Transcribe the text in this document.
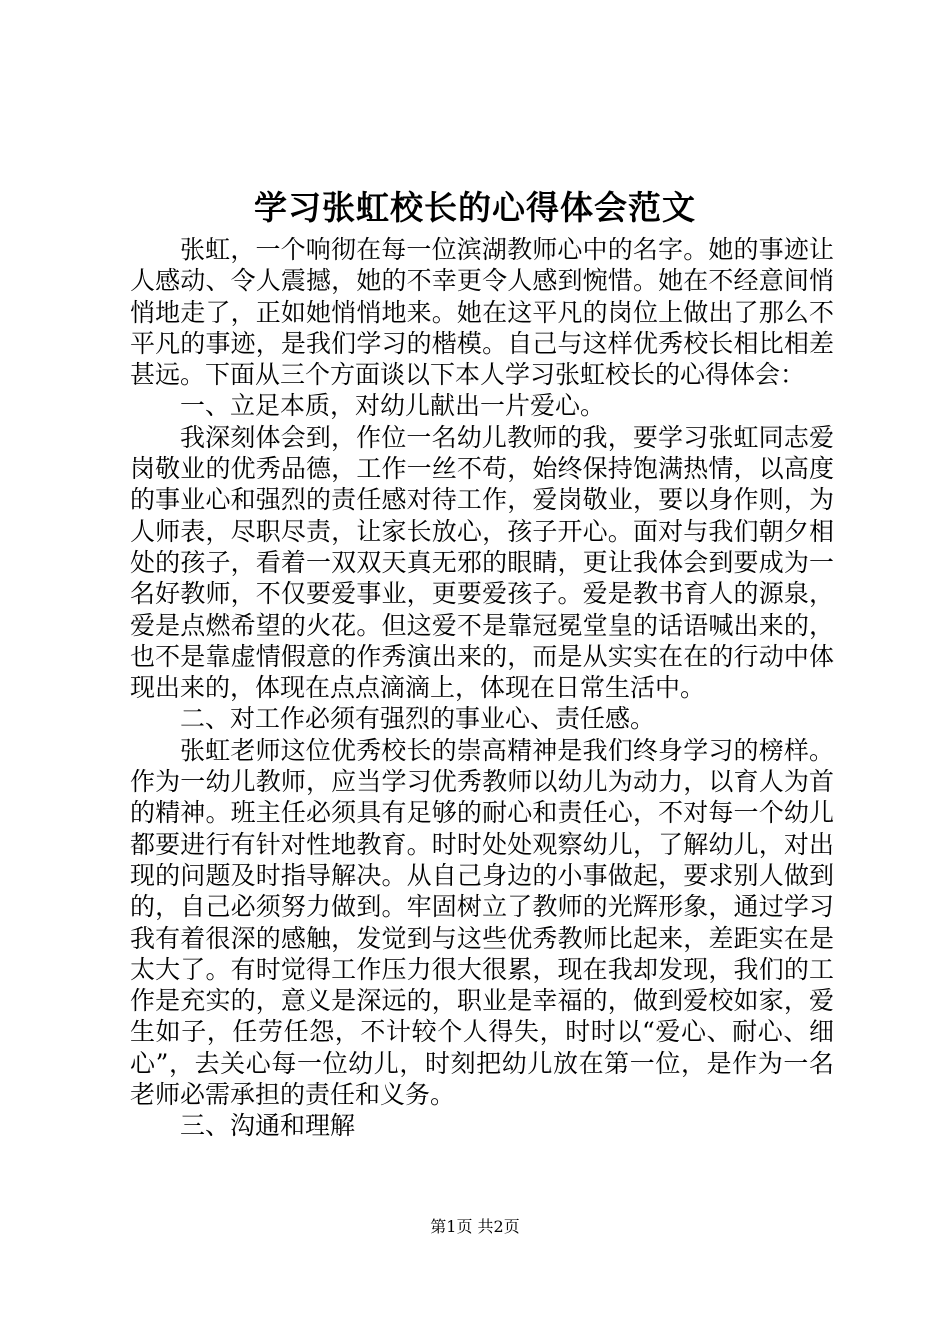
学习张虹校长的心得体会范文

张虹，一个响彻在每一位滨湖教师心中的名字。她的事迹让人感动、令人震撼，她的不幸更令人感到惋惜。她在不经意间悄悄地走了，正如她悄悄地来。她在这平凡的岗位上做出了那么不平凡的事迹，是我们学习的楷模。自己与这样优秀校长相比相差甚远。下面从三个方面谈以下本人学习张虹校长的心得体会：

一、立足本质，对幼儿献出一片爱心。

我深刻体会到，作位一名幼儿教师的我，要学习张虹同志爱岗敬业的优秀品德，工作一丝不苟，始终保持饱满热情，以高度的事业心和强烈的责任感对待工作，爱岗敬业，要以身作则，为人师表，尽职尽责，让家长放心，孩子开心。面对与我们朝夕相处的孩子，看着一双双天真无邪的眼睛，更让我体会到要成为一名好教师，不仅要爱事业，更要爱孩子。爱是教书育人的源泉，爱是点燃希望的火花。但这爱不是靠冠冕堂皇的话语喊出来的，也不是靠虚情假意的作秀演出来的，而是从实实在在的行动中体现出来的，体现在点点滴滴上，体现在日常生活中。

二、对工作必须有强烈的事业心、责任感。

张虹老师这位优秀校长的崇高精神是我们终身学习的榜样。作为一幼儿教师，应当学习优秀教师以幼儿为动力，以育人为首的精神。班主任必须具有足够的耐心和责任心，不对每一个幼儿都要进行有针对性地教育。时时处处观察幼儿，了解幼儿，对出现的问题及时指导解决。从自己身边的小事做起，要求别人做到的，自己必须努力做到。牢固树立了教师的光辉形象，通过学习我有着很深的感触，发觉到与这些优秀教师比起来，差距实在是太大了。有时觉得工作压力很大很累，现在我却发现，我们的工作是充实的，意义是深远的，职业是幸福的，做到爱校如家，爱生如子，任劳任怨，不计较个人得失，时时以“爱心、耐心、细心”，去关心每一位幼儿，时刻把幼儿放在第一位，是作为一名老师必需承担的责任和义务。

三、沟通和理解

第1页 共2页
